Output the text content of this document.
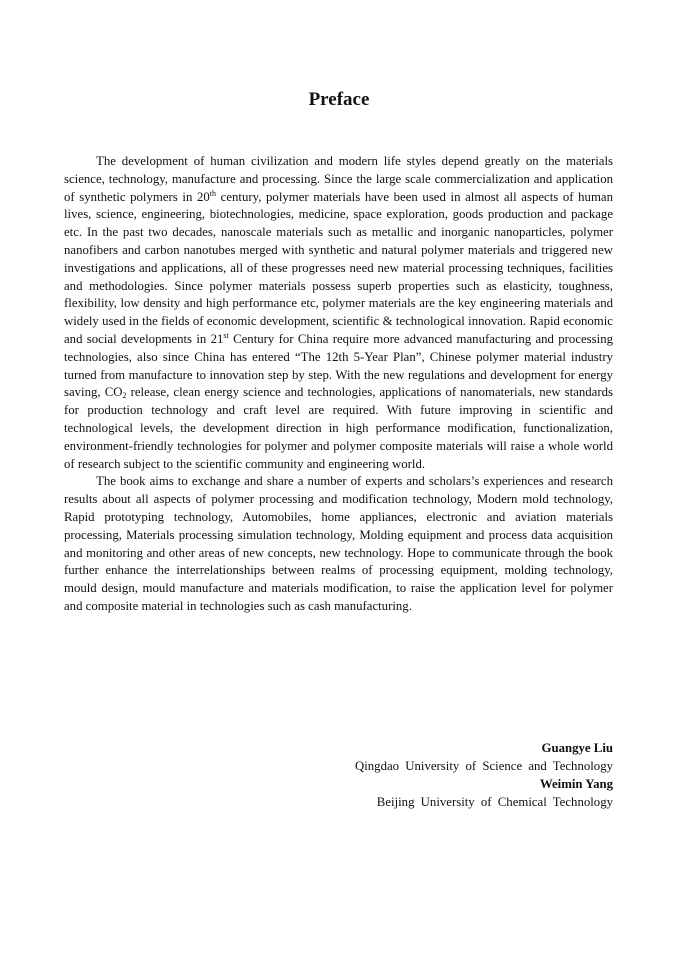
Preface

The development of human civilization and modern life styles depend greatly on the materials science, technology, manufacture and processing. Since the large scale commercialization and application of synthetic polymers in 20th century, polymer materials have been used in almost all aspects of human lives, science, engineering, biotechnologies, medicine, space exploration, goods production and package etc. In the past two decades, nanoscale materials such as metallic and inorganic nanoparticles, polymer nanofibers and carbon nanotubes merged with synthetic and natural polymer materials and triggered new investigations and applications, all of these progresses need new material processing techniques, facilities and methodologies. Since polymer materials possess superb properties such as elasticity, toughness, flexibility, low density and high performance etc, polymer materials are the key engineering materials and widely used in the fields of economic development, scientific & technological innovation. Rapid economic and social developments in 21st Century for China require more advanced manufacturing and processing technologies, also since China has entered “The 12th 5-Year Plan”, Chinese polymer material industry turned from manufacture to innovation step by step. With the new regulations and development for energy saving, $CO_2$ release, clean energy science and technologies, applications of nanomaterials, new standards for production technology and craft level are required. With future improving in scientific and technological levels, the development direction in high performance modification, functionalization, environment-friendly technologies for polymer and polymer composite materials will raise a whole world of research subject to the scientific community and engineering world.

The book aims to exchange and share a number of experts and scholars’s experiences and research results about all aspects of polymer processing and modification technology, Modern mold technology, Rapid prototyping technology, Automobiles, home appliances, electronic and aviation materials processing, Materials processing simulation technology, Molding equipment and process data acquisition and monitoring and other areas of new concepts, new technology. Hope to communicate through the book further enhance the interrelationships between realms of processing equipment, molding technology, mould design, mould manufacture and materials modification, to raise the application level for polymer and composite material in technologies such as cash manufacturing.

Guangye Liu
Qingdao University of Science and Technology
Weimin Yang
Beijing University of Chemical Technology
